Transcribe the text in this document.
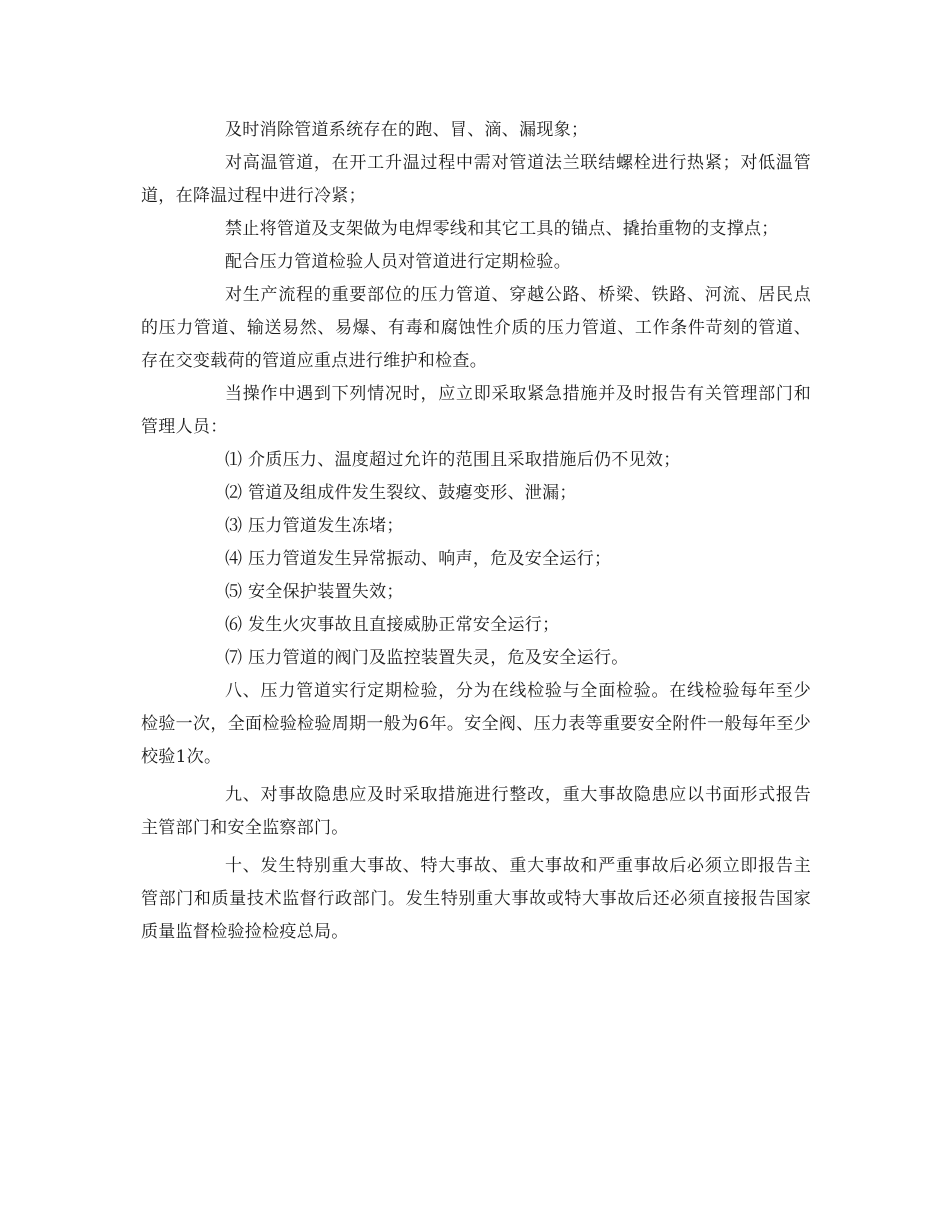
及时消除管道系统存在的跑、冒、滴、漏现象；

对高温管道，在开工升温过程中需对管道法兰联结螺栓进行热紧；对低温管道，在降温过程中进行冷紧；

禁止将管道及支架做为电焊零线和其它工具的锚点、撬抬重物的支撑点；

配合压力管道检验人员对管道进行定期检验。

对生产流程的重要部位的压力管道、穿越公路、桥梁、铁路、河流、居民点的压力管道、输送易然、易爆、有毒和腐蚀性介质的压力管道、工作条件苛刻的管道、存在交变载荷的管道应重点进行维护和检查。

当操作中遇到下列情况时，应立即采取紧急措施并及时报告有关管理部门和管理人员：

⑴ 介质压力、温度超过允许的范围且采取措施后仍不见效；

⑵ 管道及组成件发生裂纹、鼓瘪变形、泄漏；

⑶ 压力管道发生冻堵；

⑷ 压力管道发生异常振动、响声，危及安全运行；

⑸ 安全保护装置失效；

⑹ 发生火灾事故且直接威胁正常安全运行；

⑺ 压力管道的阀门及监控装置失灵，危及安全运行。

八、压力管道实行定期检验，分为在线检验与全面检验。在线检验每年至少检验一次，全面检验检验周期一般为6年。安全阀、压力表等重要安全附件一般每年至少校验1次。

九、对事故隐患应及时采取措施进行整改，重大事故隐患应以书面形式报告主管部门和安全监察部门。

十、发生特别重大事故、特大事故、重大事故和严重事故后必须立即报告主管部门和质量技术监督行政部门。发生特别重大事故或特大事故后还必须直接报告国家质量监督检验捡检疫总局。
